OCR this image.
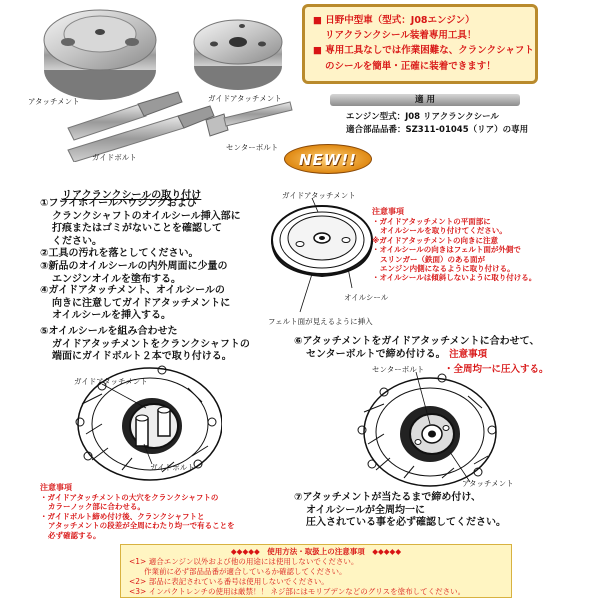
アタッチメント	ガイドアタッチメント
ガイドボルト
センターボルト
■ 日野中型車（型式：J08エンジン）
リアクランクシール装着専用工具！
■ 専用工具なしでは作業困難な、クランクシャフト
のシールを簡単・正確に装着できます！
適 用
エンジン型式：J08 リアクランクシール
適合部品品番：SZ311-01045（リア）の専用
NEW!!
リアクランクシールの取り付け
①フライホイールハウジングおよび
クランクシャフトのオイルシール挿入部に
打痕またはゴミがないことを確認して
ください。
②工具の汚れを落としてください。
③新品のオイルシールの内外周面に少量の
エンジンオイルを塗布する。
④ガイドアタッチメント、オイルシールの
向きに注意してガイドアタッチメントに
オイルシールを挿入する。
⑤オイルシールを組み合わせた
ガイドアタッチメントをクランクシャフトの
端面にガイドボルト２本で取り付ける。
ガイドアタッチメント
オイルシール
フェルト面が見えるように挿入
注意事項
・ガイドアタッチメントの平面部に
オイルシールを取り付けてください。
※ガイドアタッチメントの向きに注意
・オイルシールの向きはフェルト面が外側で
スリンガー（鉄面）のある面が
エンジン内側になるように取り付ける。
・オイルシールは傾斜しないように取り付ける。
ガイドアタッチメント
ガイドボルト
注意事項
・ガイドアタッチメントの大穴をクランクシャフトの
カラーノック部に合わせる。
・ガイドボルト締め付け後、クランクシャフトと
アタッチメントの段差が全周にわたり均一で有ることを
必ず確認する。
⑥アタッチメントをガイドアタッチメントに合わせて、
センターボルトで締め付ける。 注意事項
・全周均一に圧入する。
センターボルト
アタッチメント
⑦アタッチメントが当たるまで締め付け、
オイルシールが全周均一に
圧入されている事を必ず確認してください。
◆◆◆◆◆　使用方法・取扱上の注意事項　◆◆◆◆◆
<1> 適合エンジン以外および他の用途には使用しないでください。
　　作業前に必ず部品品番が適合しているか確認してください。
<2> 部品に表記されている番号は使用しないでください。
<3> インパクトレンチの使用は厳禁！！ ネジ部にはモリブデンなどのグリスを塗布してください。
